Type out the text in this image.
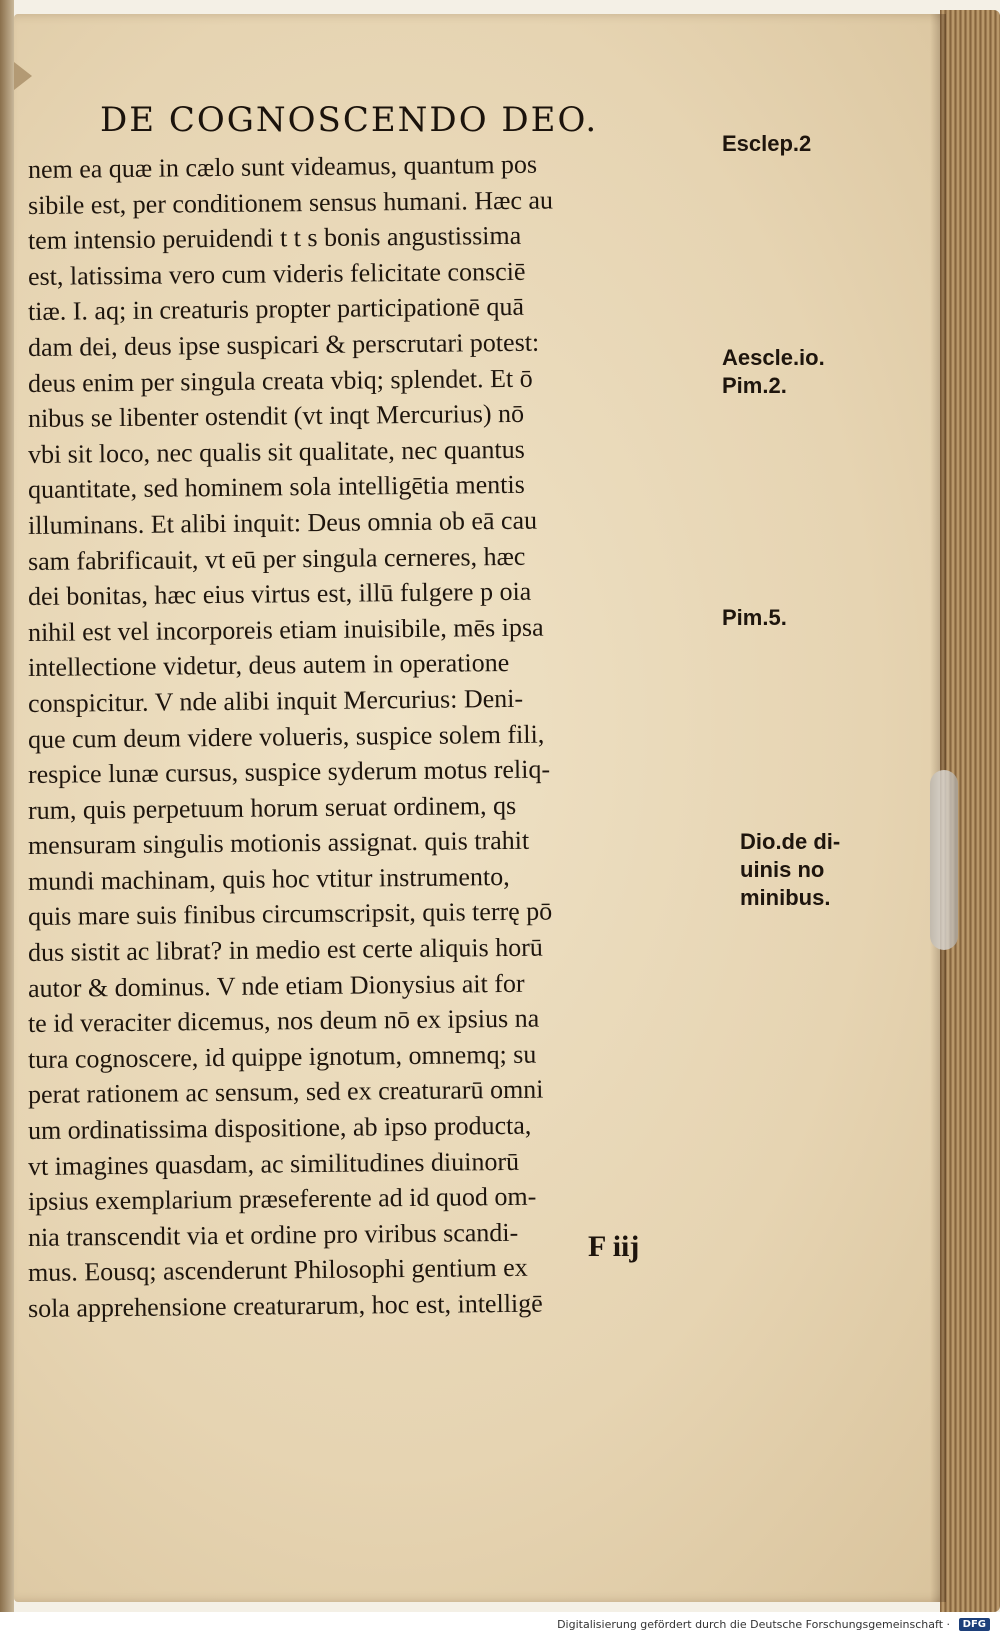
DE COGNOSCENDO DEO.
nem ea quæ in cælo sunt videamus, quantum pos
sibile est, per conditionem sensus humani. Hæc au
tem intensio peruidendi t t s bonis angustissima
est, latissima vero cum videris felicitate consciē
tiæ. I. aq; in creaturis propter participationē quā
dam dei, deus ipse suspicari & perscrutari potest:
deus enim per singula creata vbiq; splendet. Et ō
nibus se libenter ostendit (vt inqt Mercurius) nō
vbi sit loco, nec qualis sit qualitate, nec quantus
quantitate, sed hominem sola intelligētia mentis
illuminans. Et alibi inquit: Deus omnia ob eā cau
sam fabrificauit, vt eū per singula cerneres, hæc
dei bonitas, hæc eius virtus est, illū fulgere p oia
nihil est vel incorporeis etiam inuisibile, mēs ipsa
intellectione videtur, deus autem in operatione
conspicitur. V nde alibi inquit Mercurius: Deni-
que cum deum videre volueris, suspice solem fili,
respice lunæ cursus, suspice syderum motus reliq-
rum, quis perpetuum horum seruat ordinem, qs
mensuram singulis motionis assignat. quis trahit
mundi machinam, quis hoc vtitur instrumento,
quis mare suis finibus circumscripsit, quis terrę pō
dus sistit ac librat? in medio est certe aliquis horū
autor & dominus. V nde etiam Dionysius ait for
te id veraciter dicemus, nos deum nō ex ipsius na
tura cognoscere, id quippe ignotum, omnemq; su
perat rationem ac sensum, sed ex creaturarū omni
um ordinatissima dispositione, ab ipso producta,
vt imagines quasdam, ac similitudines diuinorū
ipsius exemplarium præseferente ad id quod om-
nia transcendit via et ordine pro viribus scandi-
mus. Eousq; ascenderunt Philosophi gentium ex
sola apprehensione creaturarum, hoc est, intelligē
F iij
Esclep.2
Aescle.io.
Pim.2.
Pim.5.
Dio.de di-
uinis no
minibus.
Digitalisierung gefördert durch die Deutsche Forschungsgemeinschaft ·	DFG
